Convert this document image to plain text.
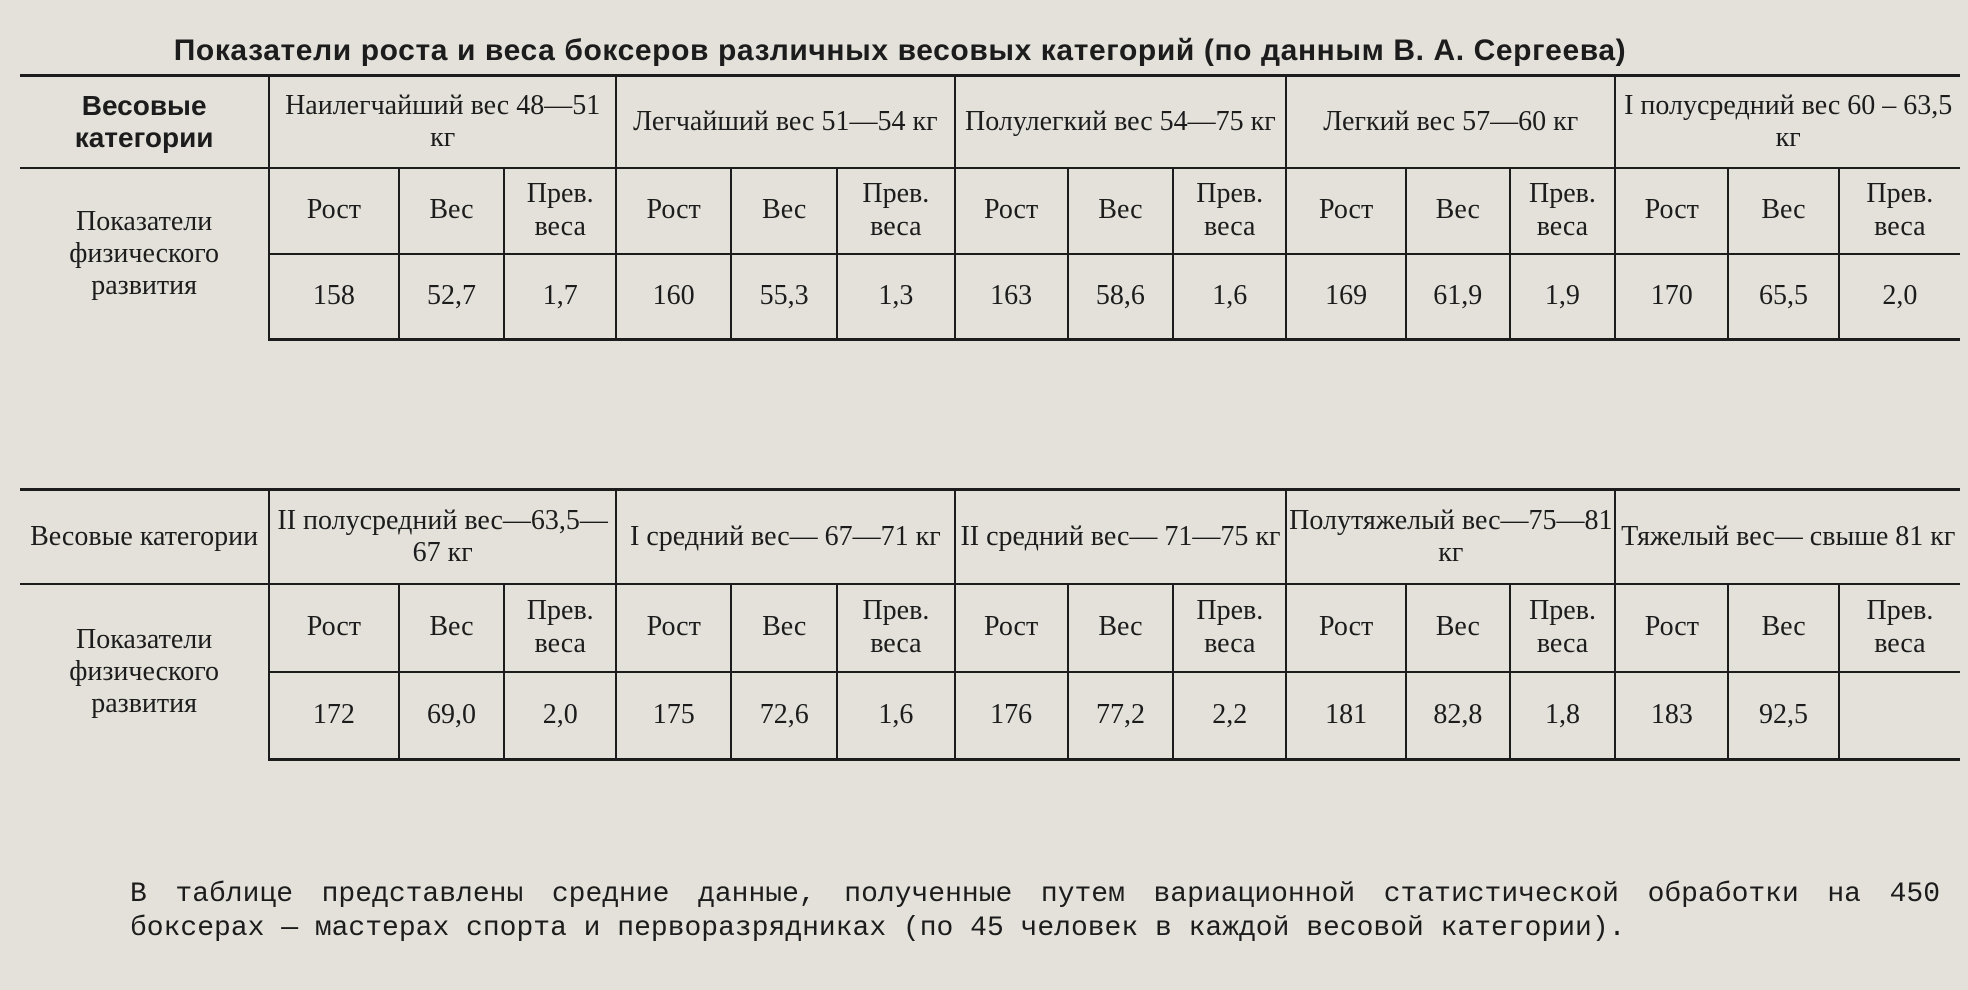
Показатели роста и веса боксеров различных весовых категорий (по данным В. А. Сергеева)
Весовые категории	Наилегчайший вес 48—51 кг			Легчайший вес 51—54 кг			Полулегкий вес 54—75 кг			Легкий вес 57—60 кг			I полусредний вес 60 – 63,5 кг		
Показатели физического развития	Рост	Вес	Прев. веса	Рост	Вес	Прев. веса	Рост	Вес	Прев. веса	Рост	Вес	Прев. веса	Рост	Вес	Прев. веса
	158	52,7	1,7	160	55,3	1,3	163	58,6	1,6	169	61,9	1,9	170	65,5	2,0
Весовые категории	II полусредний вес—63,5—67 кг			I средний вес— 67—71 кг			II средний вес— 71—75 кг			Полутяжелый вес—75—81 кг			Тяжелый вес— свыше 81 кг		
Показатели физического развития	Рост	Вес	Прев. веса	Рост	Вес	Прев. веса	Рост	Вес	Прев. веса	Рост	Вес	Прев. веса	Рост	Вес	Прев. веса
	172	69,0	2,0	175	72,6	1,6	176	77,2	2,2	181	82,8	1,8	183	92,5	
В таблице представлены средние данные, полученные путем вариационной статистической обработки на 450 боксерах — мастерах спорта и перворазрядниках (по 45 человек в каждой весовой категории).
